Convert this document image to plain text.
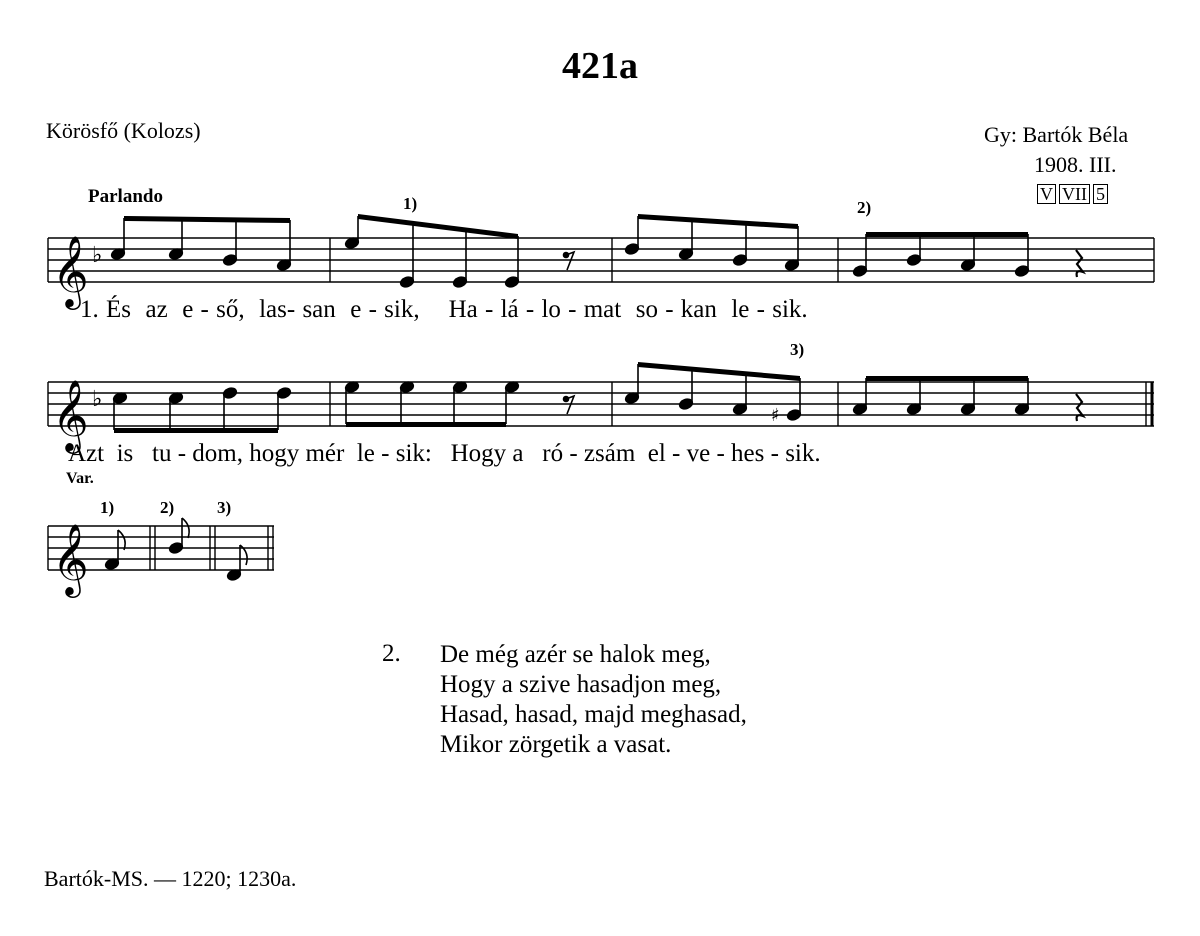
421a
Körösfő (Kolozs)	Gy: Bartók Béla
1908. III.
V VII 5
Parlando	1)	2)
3)
1)	2)	3)
Var.
𝄞
𝄞
𝄞
♭
♭
♯
1. És  az  e - ső,  las- san  e - sik,    Ha - lá - lo - mat  so - kan  le - sik.
Azt  is   tu - dom, hogy mér  le - sik:   Hogy a   ró - zsám  el - ve - hes - sik.
2. De még azér se halok meg,
Hogy a szive hasadjon meg,
Hasad, hasad, majd meghasad,
Mikor zörgetik a vasat.
Bartók-MS. — 1220; 1230a.
